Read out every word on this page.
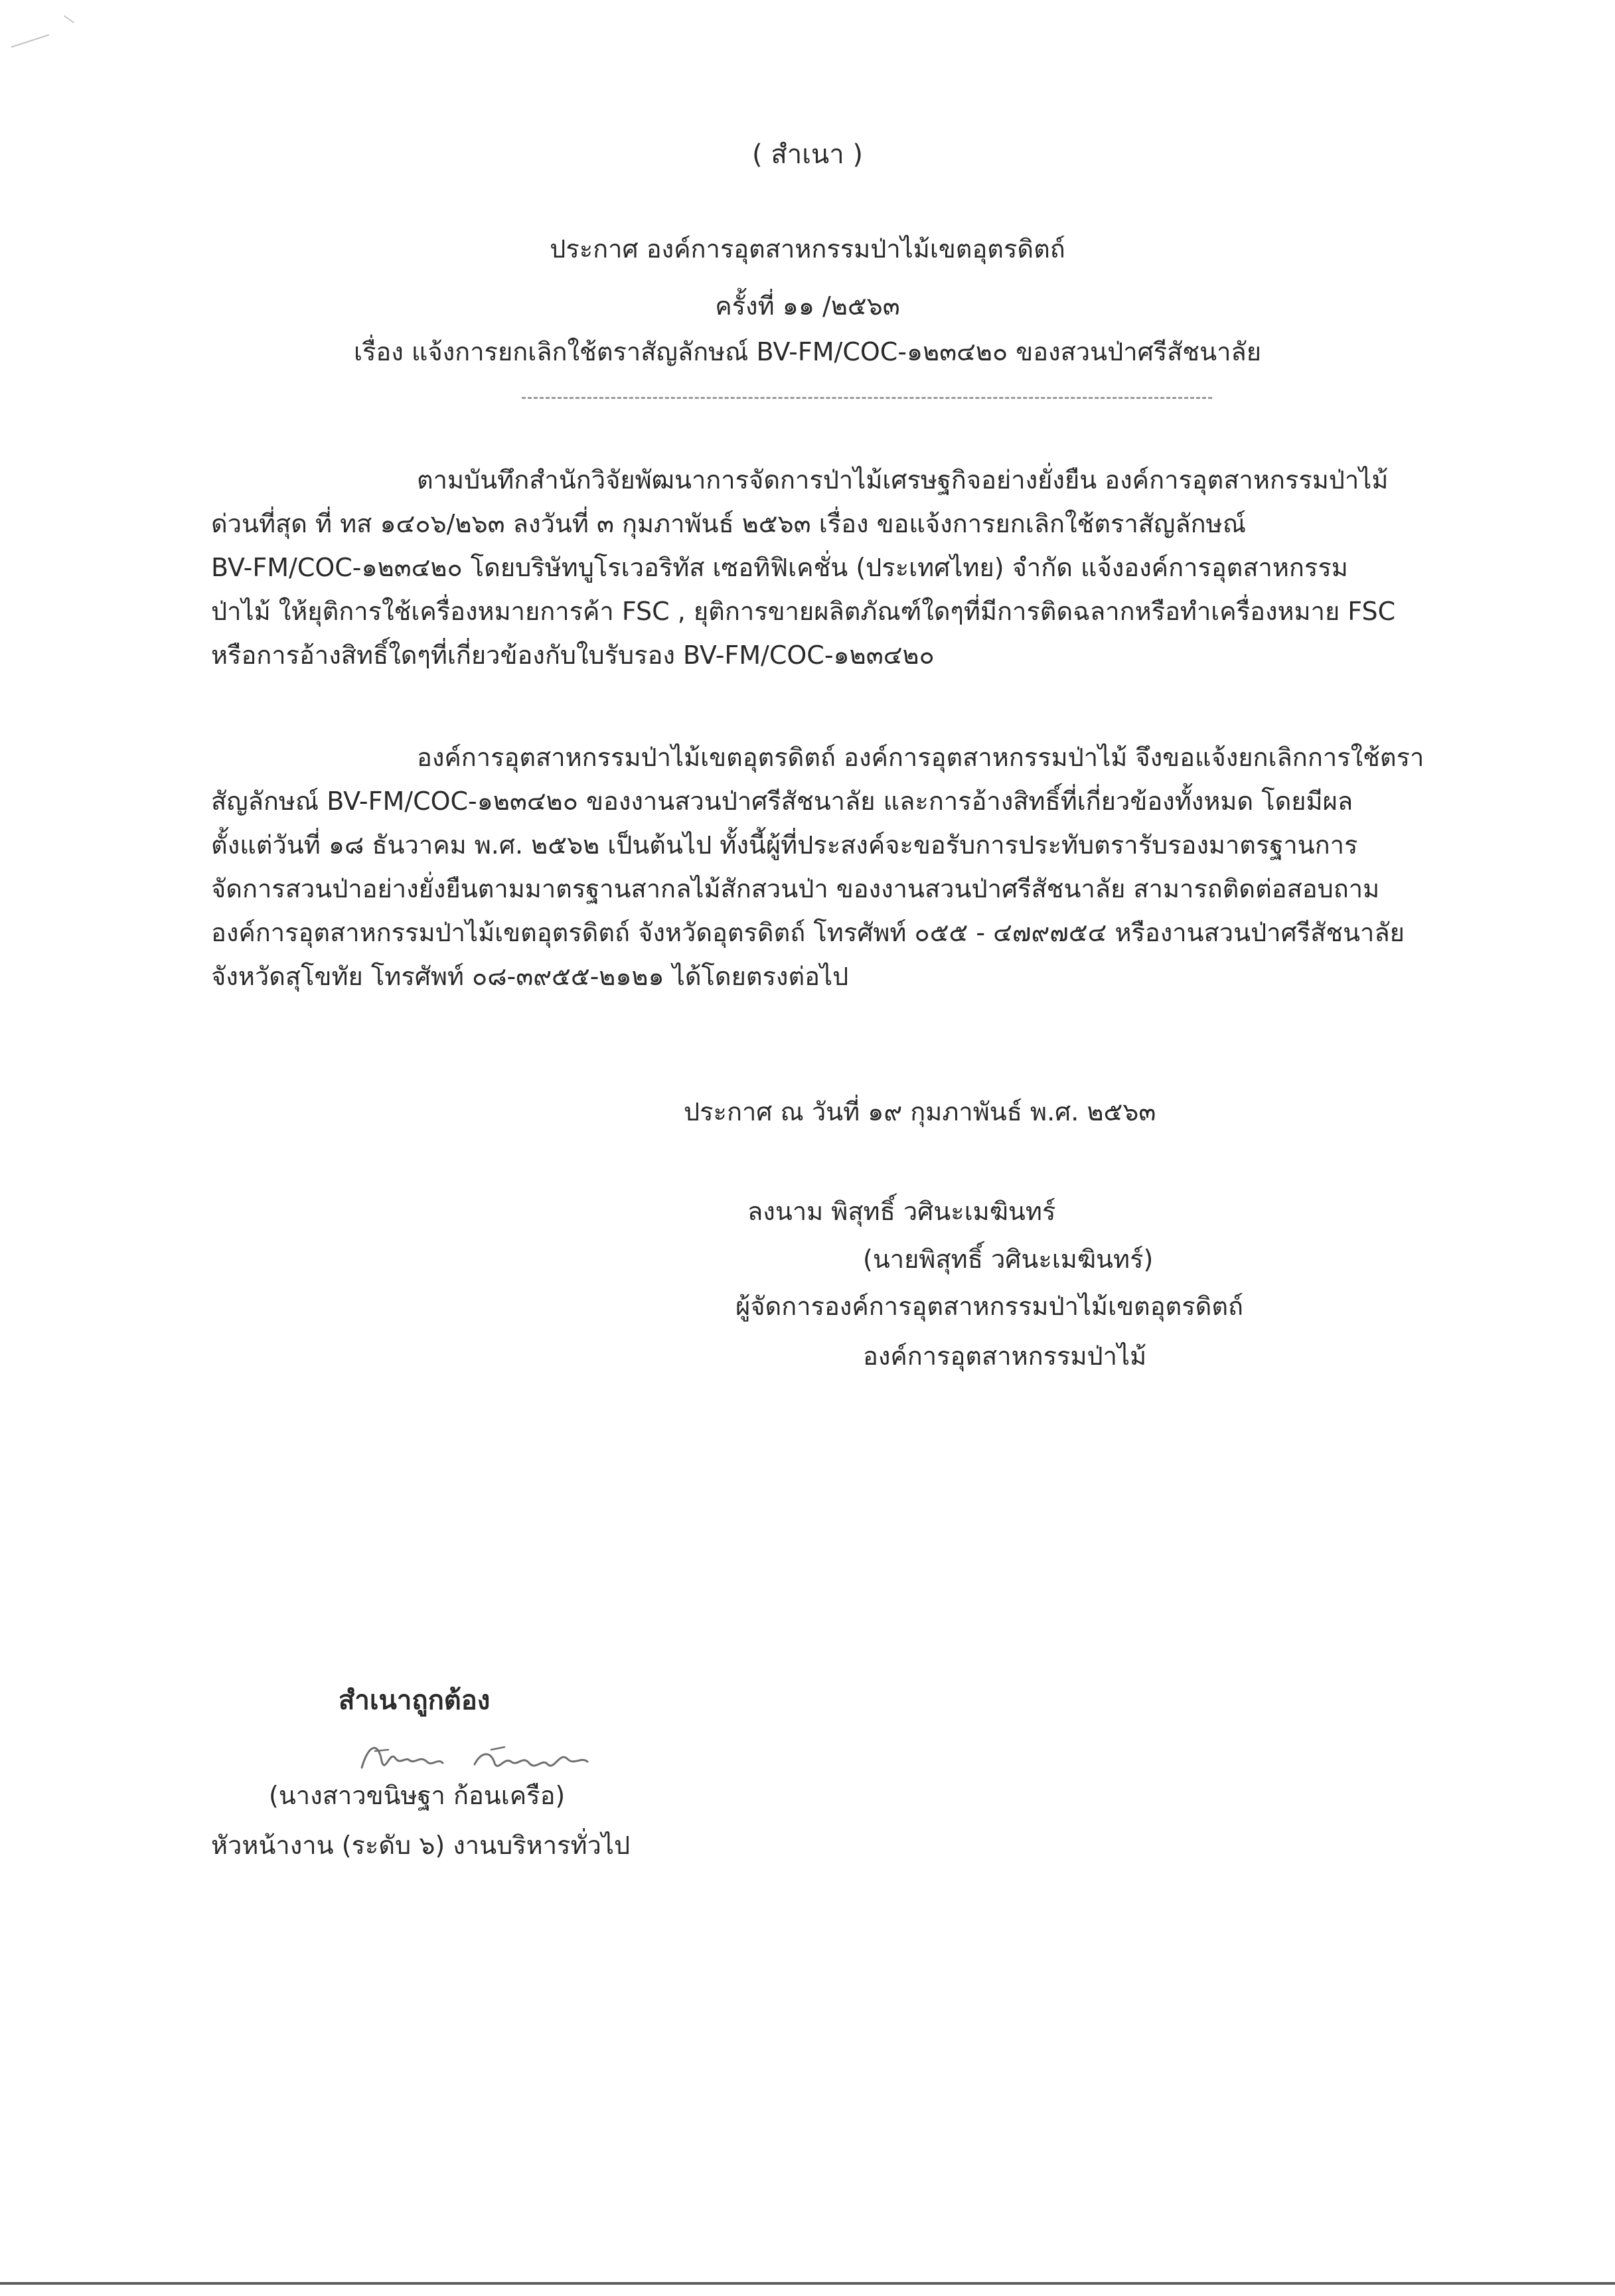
( สำเนา )
ประกาศ องค์การอุตสาหกรรมป่าไม้เขตอุตรดิตถ์
ครั้งที่ ๑๑ /๒๕๖๓
เรื่อง แจ้งการยกเลิกใช้ตราสัญลักษณ์ BV-FM/COC-๑๒๓๔๒๐ ของสวนป่าศรีสัชนาลัย
ตามบันทึกสำนักวิจัยพัฒนาการจัดการป่าไม้เศรษฐกิจอย่างยั่งยืน องค์การอุตสาหกรรมป่าไม้
ด่วนที่สุด ที่ ทส ๑๔๐๖/๒๖๓ ลงวันที่ ๓ กุมภาพันธ์ ๒๕๖๓ เรื่อง ขอแจ้งการยกเลิกใช้ตราสัญลักษณ์
BV-FM/COC-๑๒๓๔๒๐ โดยบริษัทบูโรเวอริทัส เซอทิฟิเคชั่น (ประเทศไทย) จำกัด แจ้งองค์การอุตสาหกรรม
ป่าไม้ ให้ยุติการใช้เครื่องหมายการค้า FSC , ยุติการขายผลิตภัณฑ์ใดๆที่มีการติดฉลากหรือทำเครื่องหมาย FSC
หรือการอ้างสิทธิ์ใดๆที่เกี่ยวข้องกับใบรับรอง BV-FM/COC-๑๒๓๔๒๐
องค์การอุตสาหกรรมป่าไม้เขตอุตรดิตถ์ องค์การอุตสาหกรรมป่าไม้ จึงขอแจ้งยกเลิกการใช้ตรา
สัญลักษณ์ BV-FM/COC-๑๒๓๔๒๐ ของงานสวนป่าศรีสัชนาลัย และการอ้างสิทธิ์ที่เกี่ยวข้องทั้งหมด โดยมีผล
ตั้งแต่วันที่ ๑๘ ธันวาคม พ.ศ. ๒๕๖๒ เป็นต้นไป ทั้งนี้ผู้ที่ประสงค์จะขอรับการประทับตรารับรองมาตรฐานการ
จัดการสวนป่าอย่างยั่งยืนตามมาตรฐานสากลไม้สักสวนป่า ของงานสวนป่าศรีสัชนาลัย สามารถติดต่อสอบถาม
องค์การอุตสาหกรรมป่าไม้เขตอุตรดิตถ์ จังหวัดอุตรดิตถ์ โทรศัพท์ ๐๕๕ - ๔๗๙๗๕๔ หรืองานสวนป่าศรีสัชนาลัย
จังหวัดสุโขทัย โทรศัพท์ ๐๘-๓๙๕๕-๒๑๒๑ ได้โดยตรงต่อไป
ประกาศ ณ วันที่ ๑๙ กุมภาพันธ์ พ.ศ. ๒๕๖๓
ลงนาม พิสุทธิ์ วศินะเมฆินทร์
(นายพิสุทธิ์ วศินะเมฆินทร์)
ผู้จัดการองค์การอุตสาหกรรมป่าไม้เขตอุตรดิตถ์
องค์การอุตสาหกรรมป่าไม้
สำเนาถูกต้อง
(นางสาวขนิษฐา ก้อนเครือ)
หัวหน้างาน (ระดับ ๖) งานบริหารทั่วไป
